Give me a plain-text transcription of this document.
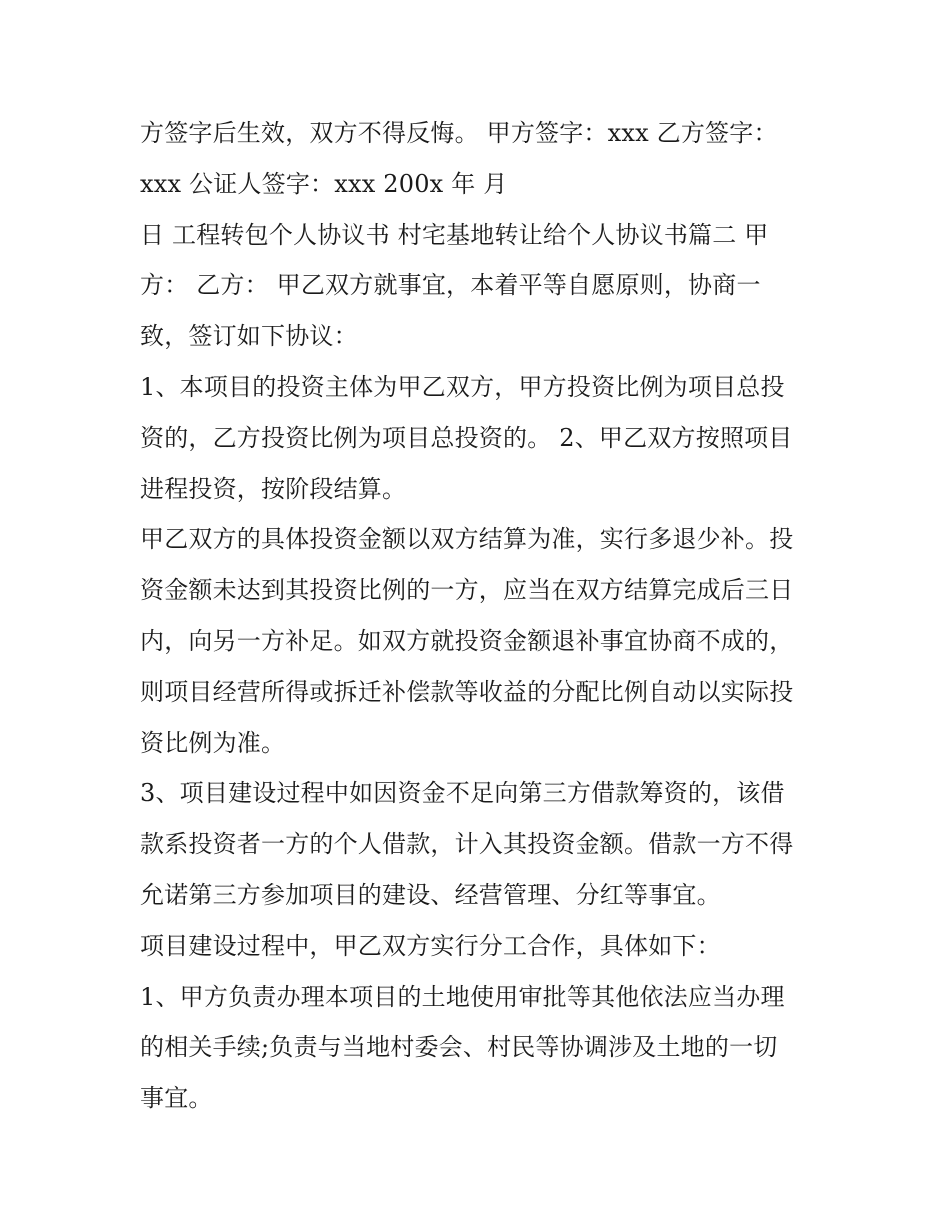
方签字后生效，双方不得反悔。 甲方签字：xxx 乙方签字：
xxx 公证人签字：xxx 200x 年 月
日 工程转包个人协议书 村宅基地转让给个人协议书篇二 甲
方： 乙方： 甲乙双方就事宜，本着平等自愿原则，协商一
致，签订如下协议：
1、本项目的投资主体为甲乙双方，甲方投资比例为项目总投
资的，乙方投资比例为项目总投资的。 2、甲乙双方按照项目
进程投资，按阶段结算。
甲乙双方的具体投资金额以双方结算为准，实行多退少补。投
资金额未达到其投资比例的一方，应当在双方结算完成后三日
内，向另一方补足。如双方就投资金额退补事宜协商不成的，
则项目经营所得或拆迁补偿款等收益的分配比例自动以实际投
资比例为准。
3、项目建设过程中如因资金不足向第三方借款筹资的，该借
款系投资者一方的个人借款，计入其投资金额。借款一方不得
允诺第三方参加项目的建设、经营管理、分红等事宜。
项目建设过程中，甲乙双方实行分工合作，具体如下：
1、甲方负责办理本项目的土地使用审批等其他依法应当办理
的相关手续;负责与当地村委会、村民等协调涉及土地的一切
事宜。
